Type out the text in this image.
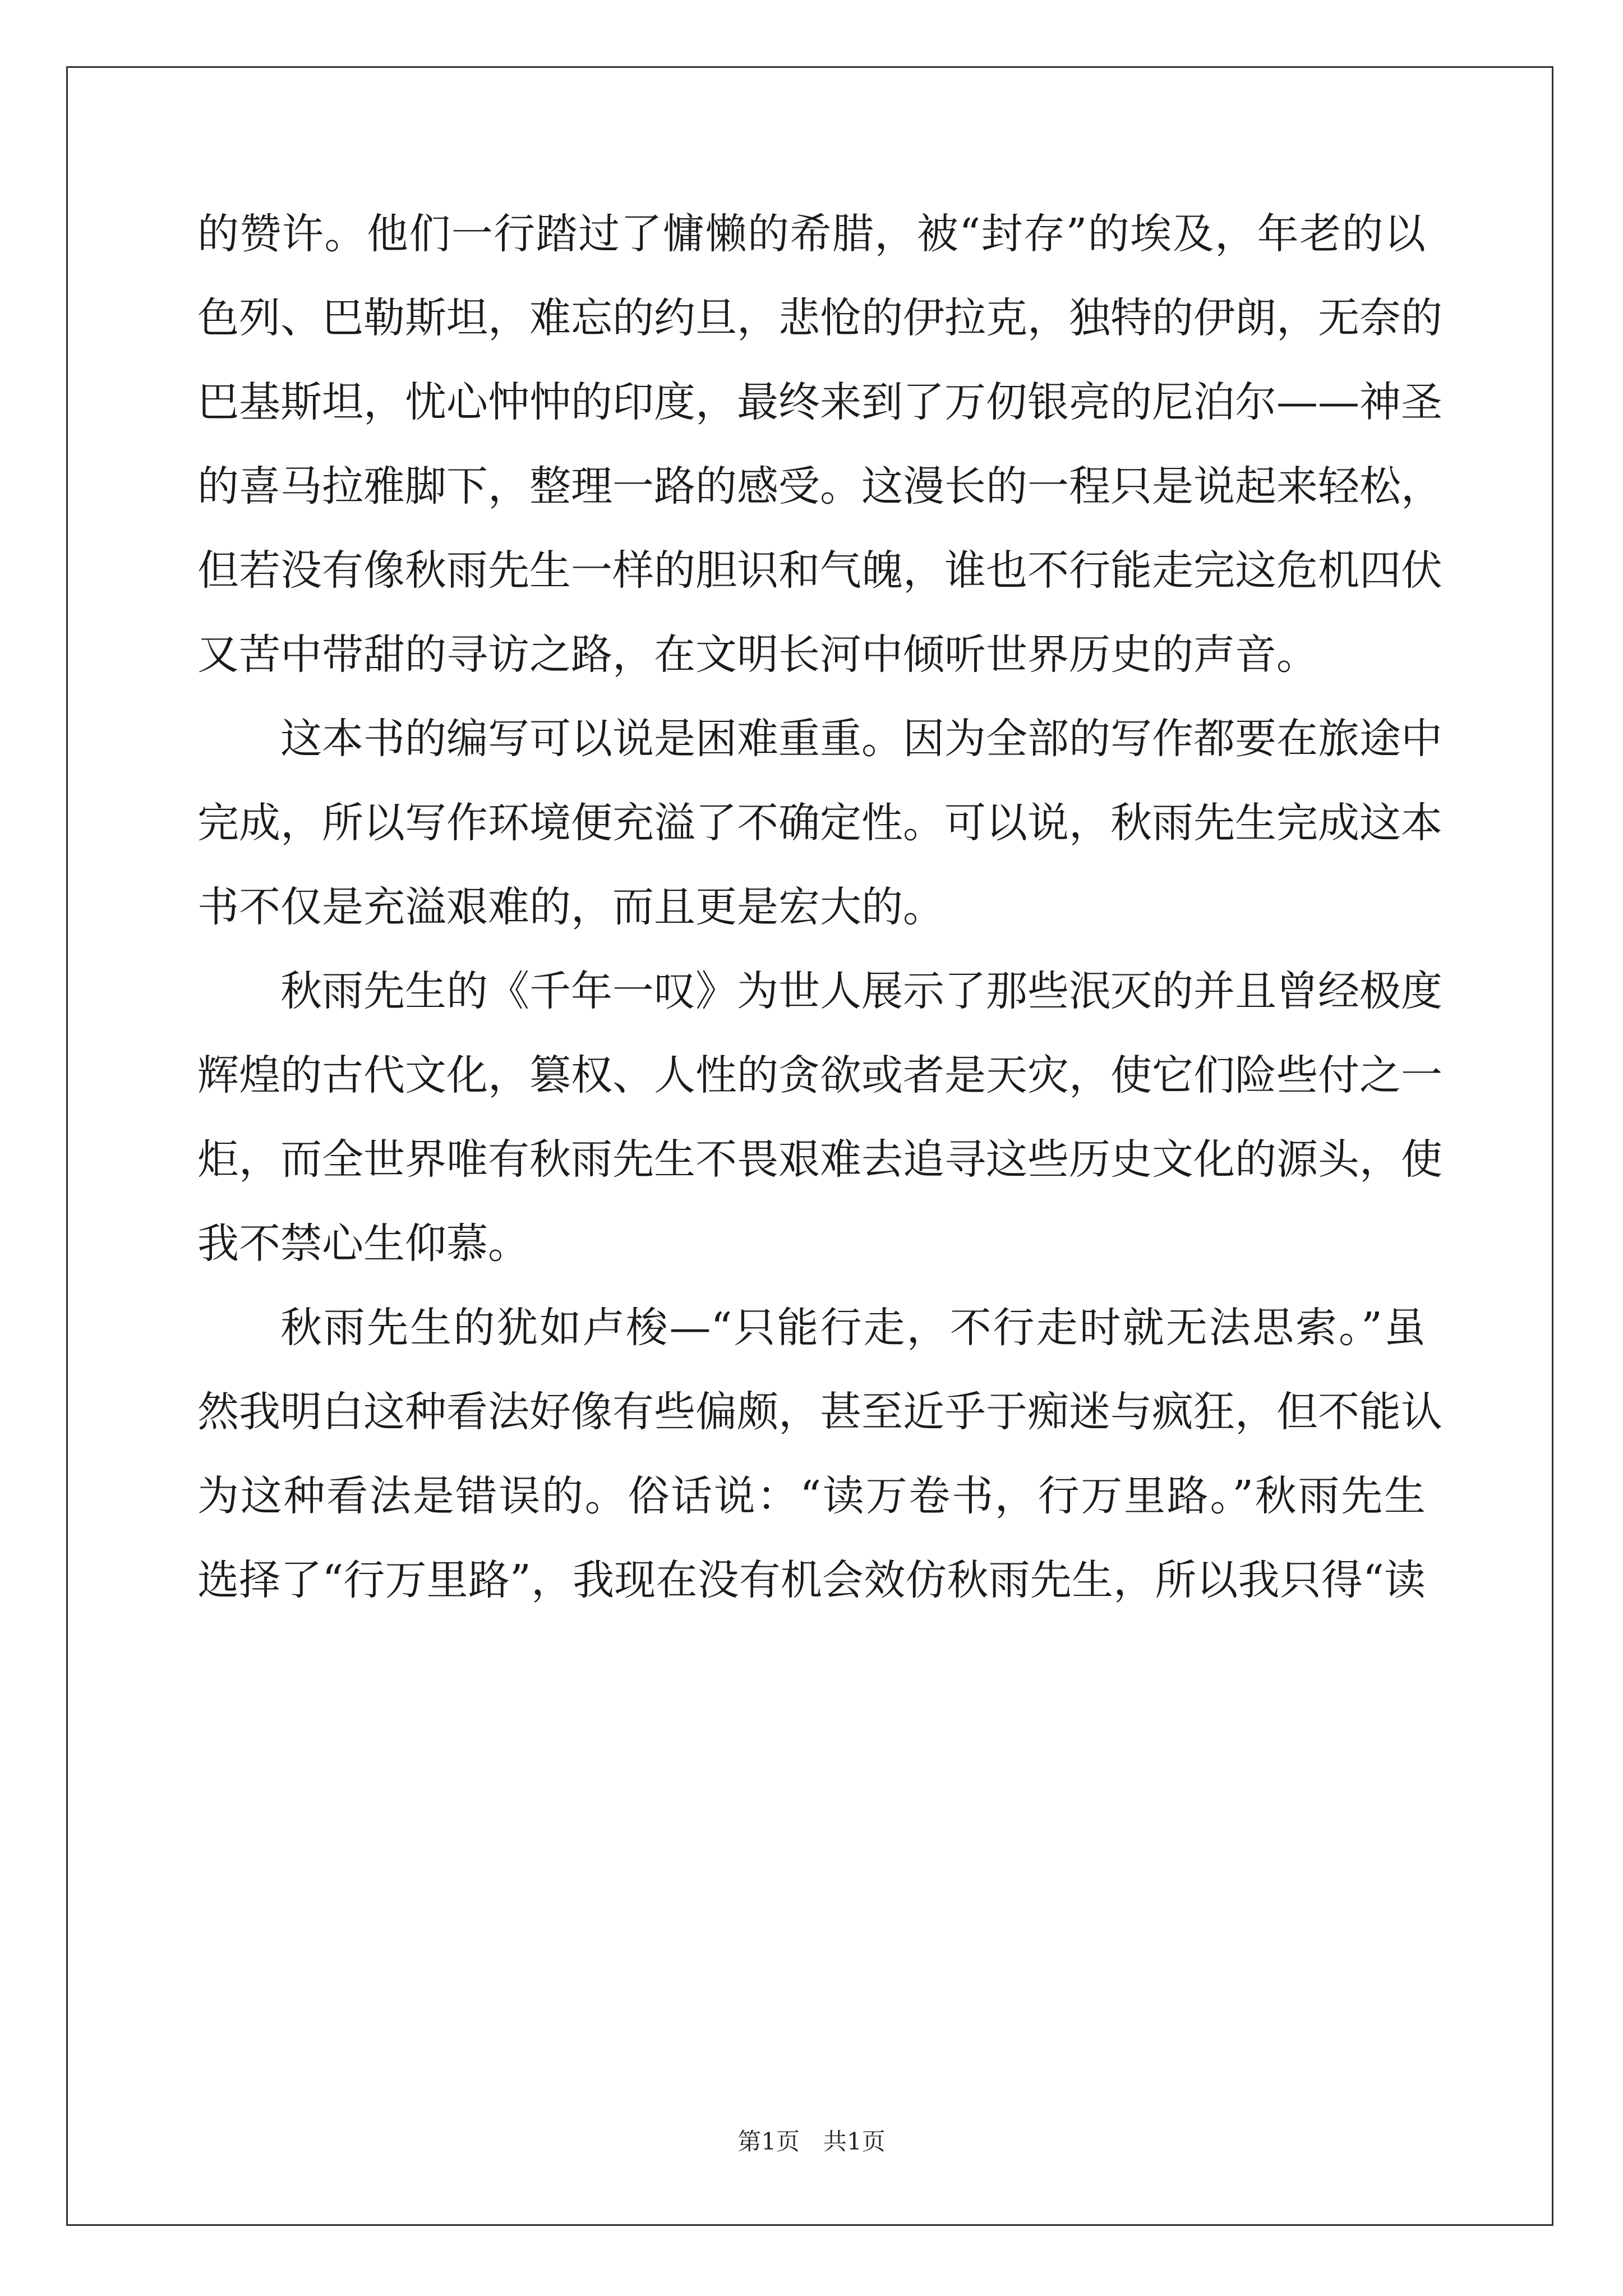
的赞许。他们一行踏过了慵懒的希腊，被“封存”的埃及，年老的以
色列、巴勒斯坦，难忘的约旦，悲怆的伊拉克，独特的伊朗，无奈的
巴基斯坦，忧心忡忡的印度，最终来到了万仞银亮的尼泊尔——神圣
的喜马拉雅脚下，整理一路的感受。这漫长的一程只是说起来轻松，
但若没有像秋雨先生一样的胆识和气魄，谁也不行能走完这危机四伏
又苦中带甜的寻访之路，在文明长河中倾听世界历史的声音。
这本书的编写可以说是困难重重。因为全部的写作都要在旅途中
完成，所以写作环境便充溢了不确定性。可以说，秋雨先生完成这本
书不仅是充溢艰难的，而且更是宏大的。
秋雨先生的《千年一叹》为世人展示了那些泯灭的并且曾经极度
辉煌的古代文化，篡权、人性的贪欲或者是天灾，使它们险些付之一
炬，而全世界唯有秋雨先生不畏艰难去追寻这些历史文化的源头，使
我不禁心生仰慕。
秋雨先生的犹如卢梭—“只能行走，不行走时就无法思索。”虽
然我明白这种看法好像有些偏颇，甚至近乎于痴迷与疯狂，但不能认
为这种看法是错误的。俗话说：“读万卷书，行万里路。”秋雨先生
选择了“行万里路”，我现在没有机会效仿秋雨先生，所以我只得“读
第1页　共1页
